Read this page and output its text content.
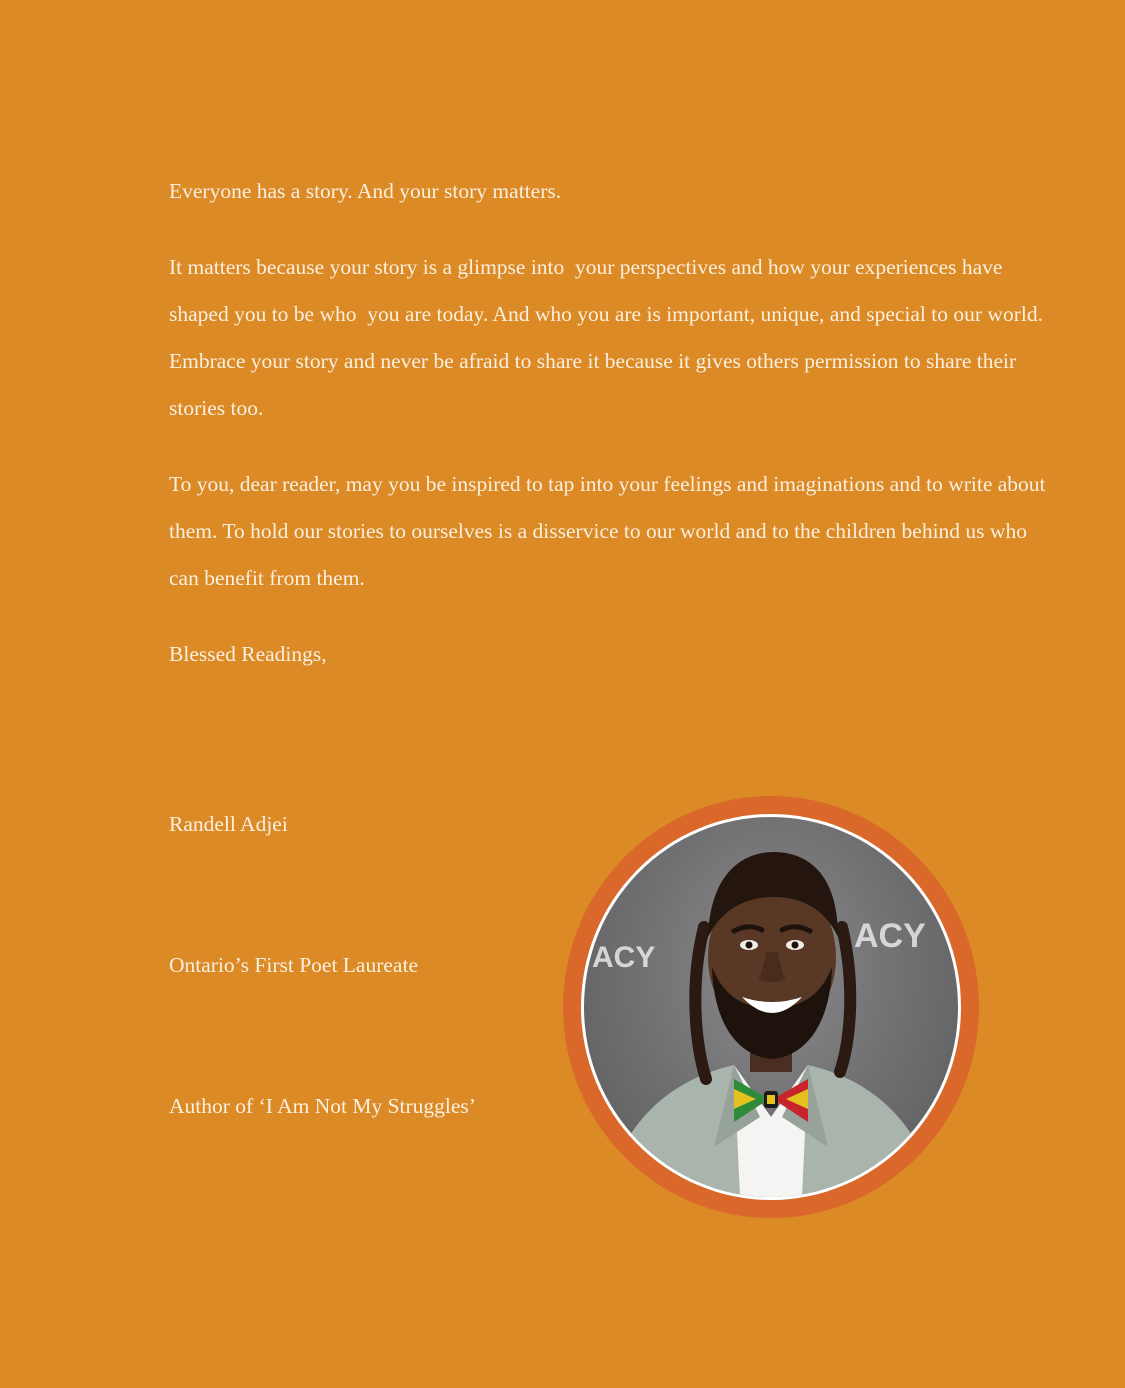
Everyone has a story. And your story matters.

It matters because your story is a glimpse into  your perspectives and how your experiences have shaped you to be who  you are today. And who you are is important, unique, and special to our world. Embrace your story and never be afraid to share it because it gives others permission to share their stories too.

To you, dear reader, may you be inspired to tap into your feelings and imaginations and to write about them. To hold our stories to ourselves is a disservice to our world and to the children behind us who can benefit from them.

Blessed Readings,

Randell Adjei

Ontario’s First Poet Laureate

Author of ‘I Am Not My Struggles’

ACY
ACY
